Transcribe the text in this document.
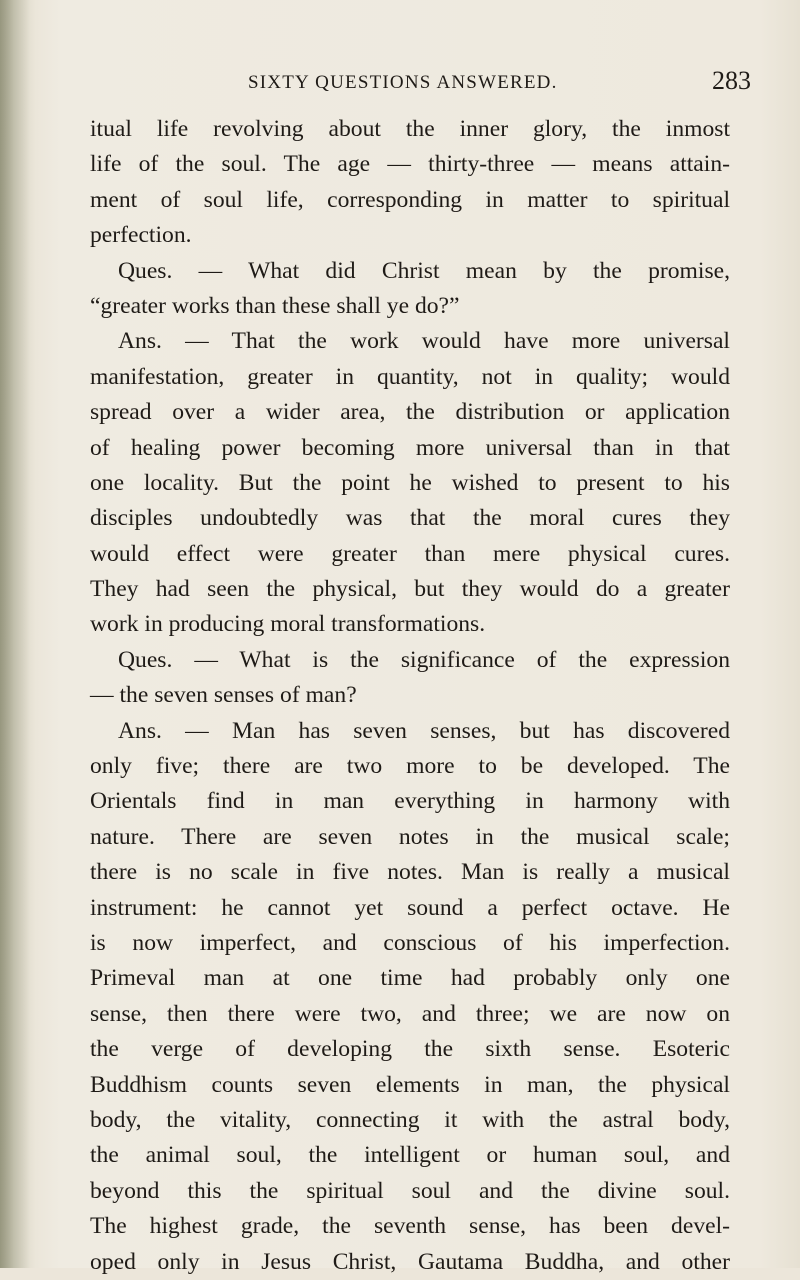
SIXTY QUESTIONS ANSWERED.	283
itual life revolving about the inner glory, the inmost
life of the soul. The age — thirty-three — means attain-
ment of soul life, corresponding in matter to spiritual
perfection.
Ques. — What did Christ mean by the promise,
“greater works than these shall ye do?”
Ans. — That the work would have more universal
manifestation, greater in quantity, not in quality; would
spread over a wider area, the distribution or application
of healing power becoming more universal than in that
one locality. But the point he wished to present to his
disciples undoubtedly was that the moral cures they
would effect were greater than mere physical cures.
They had seen the physical, but they would do a greater
work in producing moral transformations.
Ques. — What is the significance of the expression
— the seven senses of man?
Ans. — Man has seven senses, but has discovered
only five; there are two more to be developed. The
Orientals find in man everything in harmony with
nature. There are seven notes in the musical scale;
there is no scale in five notes. Man is really a musical
instrument: he cannot yet sound a perfect octave. He
is now imperfect, and conscious of his imperfection.
Primeval man at one time had probably only one
sense, then there were two, and three; we are now on
the verge of developing the sixth sense. Esoteric
Buddhism counts seven elements in man, the physical
body, the vitality, connecting it with the astral body,
the animal soul, the intelligent or human soul, and
beyond this the spiritual soul and the divine soul.
The highest grade, the seventh sense, has been devel-
oped only in Jesus Christ, Gautama Buddha, and other
